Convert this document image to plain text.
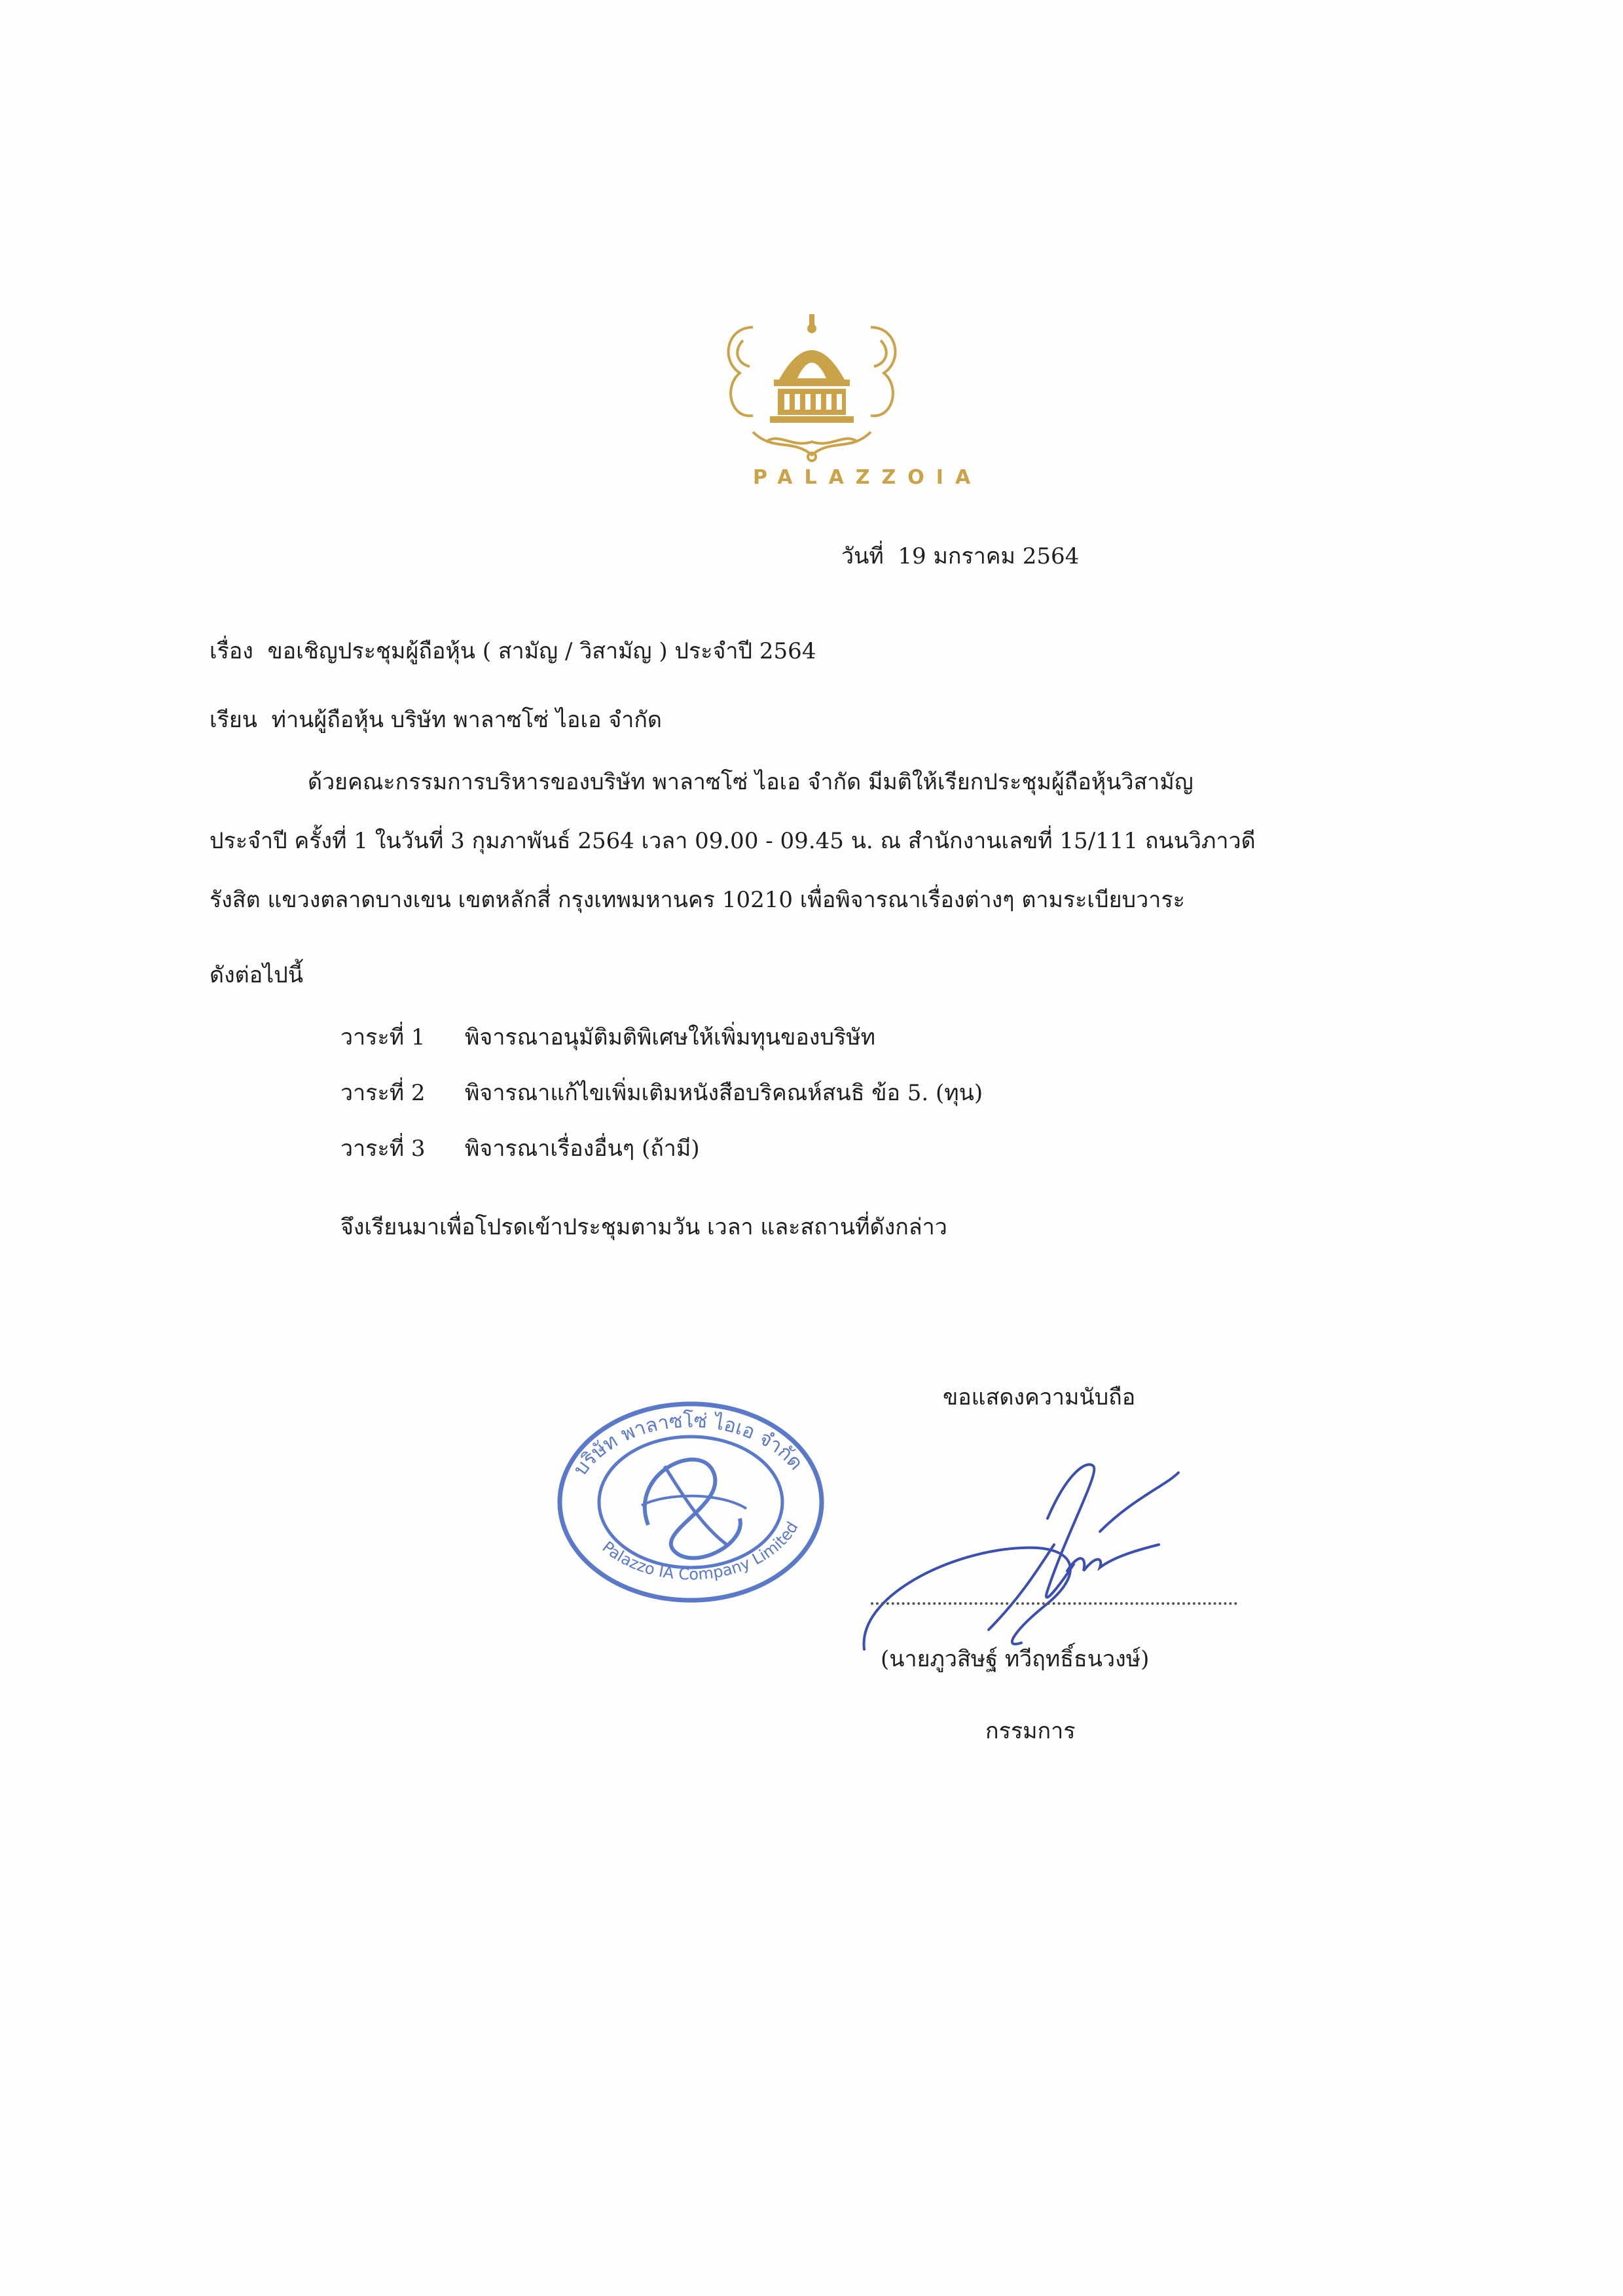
PALAZZOIA
วันที่ 19 มกราคม 2564
เรื่อง ขอเชิญประชุมผู้ถือหุ้น ( สามัญ / วิสามัญ ) ประจำปี 2564
เรียน ท่านผู้ถือหุ้น บริษัท พาลาซโซ่ ไอเอ จำกัด
ด้วยคณะกรรมการบริหารของบริษัท พาลาซโซ่ ไอเอ จำกัด มีมติให้เรียกประชุมผู้ถือหุ้นวิสามัญ
ประจำปี ครั้งที่ 1 ในวันที่ 3 กุมภาพันธ์ 2564 เวลา 09.00 - 09.45 น. ณ สำนักงานเลขที่ 15/111 ถนนวิภาวดี
รังสิต แขวงตลาดบางเขน เขตหลักสี่ กรุงเทพมหานคร 10210 เพื่อพิจารณาเรื่องต่างๆ ตามระเบียบวาระ
ดังต่อไปนี้
วาระที่ 1 พิจารณาอนุมัติมติพิเศษให้เพิ่มทุนของบริษัท
วาระที่ 2 พิจารณาแก้ไขเพิ่มเติมหนังสือบริคณห์สนธิ ข้อ 5. (ทุน)
วาระที่ 3 พิจารณาเรื่องอื่นๆ (ถ้ามี)
จึงเรียนมาเพื่อโปรดเข้าประชุมตามวัน เวลา และสถานที่ดังกล่าว
ขอแสดงความนับถือ
บริษัท พาลาซโซ่ ไอเอ จำกัด
Palazzo IA Company Limited
(นายภูวสิษฐ์ ทวีฤทธิ์ธนวงษ์)
กรรมการ
